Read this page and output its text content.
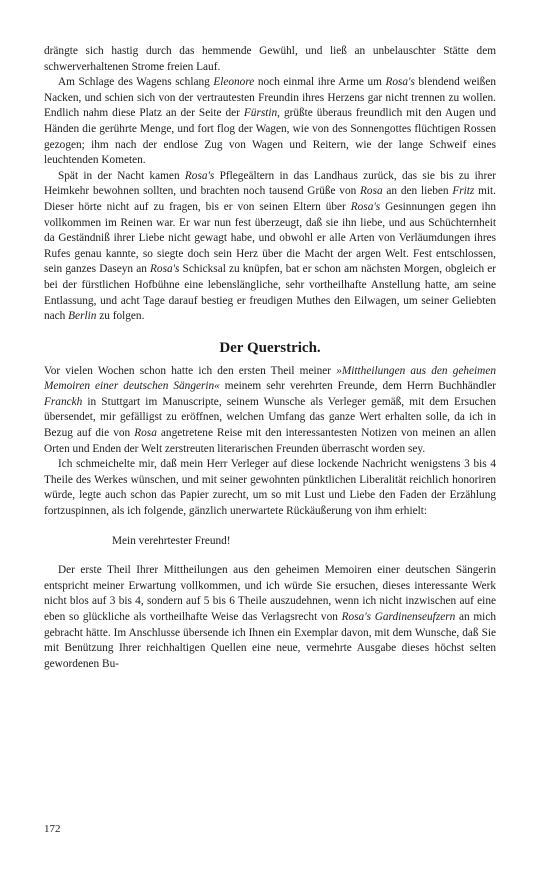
drängte sich hastig durch das hemmende Gewühl, und ließ an unbelauschter Stätte dem schwerverhaltenen Strome freien Lauf.

Am Schlage des Wagens schlang Eleonore noch einmal ihre Arme um Rosa's blendend weißen Nacken, und schien sich von der vertrautesten Freundin ihres Herzens gar nicht trennen zu wollen. Endlich nahm diese Platz an der Seite der Fürstin, grüßte überaus freundlich mit den Augen und Händen die gerührte Menge, und fort flog der Wagen, wie von des Sonnengottes flüchtigen Rossen gezogen; ihm nach der endlose Zug von Wagen und Reitern, wie der lange Schweif eines leuchtenden Kometen.

Spät in der Nacht kamen Rosa's Pflegeältern in das Landhaus zurück, das sie bis zu ihrer Heimkehr bewohnen sollten, und brachten noch tausend Grüße von Rosa an den lieben Fritz mit. Dieser hörte nicht auf zu fragen, bis er von seinen Eltern über Rosa's Gesinnungen gegen ihn vollkommen im Reinen war. Er war nun fest überzeugt, daß sie ihn liebe, und aus Schüchternheit da Geständniß ihrer Liebe nicht gewagt habe, und obwohl er alle Arten von Verläumdungen ihres Rufes genau kannte, so siegte doch sein Herz über die Macht der argen Welt. Fest entschlossen, sein ganzes Daseyn an Rosa's Schicksal zu knüpfen, bat er schon am nächsten Morgen, obgleich er bei der fürstlichen Hofbühne eine lebenslängliche, sehr vortheilhafte Anstellung hatte, am seine Entlassung, und acht Tage darauf bestieg er freudigen Muthes den Eilwagen, um seiner Geliebten nach Berlin zu folgen.

Der Querstrich.

Vor vielen Wochen schon hatte ich den ersten Theil meiner »Mittheilungen aus den geheimen Memoiren einer deutschen Sängerin« meinem sehr verehrten Freunde, dem Herrn Buchhändler Franckh in Stuttgart im Manuscripte, seinem Wunsche als Verleger gemäß, mit dem Ersuchen übersendet, mir gefälligst zu eröffnen, welchen Umfang das ganze Wert erhalten solle, da ich in Bezug auf die von Rosa angetretene Reise mit den interessantesten Notizen von meinen an allen Orten und Enden der Welt zerstreuten literarischen Freunden überrascht worden sey.

Ich schmeichelte mir, daß mein Herr Verleger auf diese lockende Nachricht wenigstens 3 bis 4 Theile des Werkes wünschen, und mit seiner gewohnten pünktlichen Liberalität reichlich honoriren würde, legte auch schon das Papier zurecht, um so mit Lust und Liebe den Faden der Erzählung fortzuspinnen, als ich folgende, gänzlich unerwartete Rückäußerung von ihm erhielt:

Mein verehrtester Freund!

Der erste Theil Ihrer Mittheilungen aus den geheimen Memoiren einer deutschen Sängerin entspricht meiner Erwartung vollkommen, und ich würde Sie ersuchen, dieses interessante Werk nicht blos auf 3 bis 4, sondern auf 5 bis 6 Theile auszudehnen, wenn ich nicht inzwischen auf eine eben so glückliche als vortheilhafte Weise das Verlagsrecht von Rosa's Gardinenseufzern an mich gebracht hätte. Im Anschlusse übersende ich Ihnen ein Exemplar davon, mit dem Wunsche, daß Sie mit Benützung Ihrer reichhaltigen Quellen eine neue, vermehrte Ausgabe dieses höchst selten gewordenen Bu-

172
